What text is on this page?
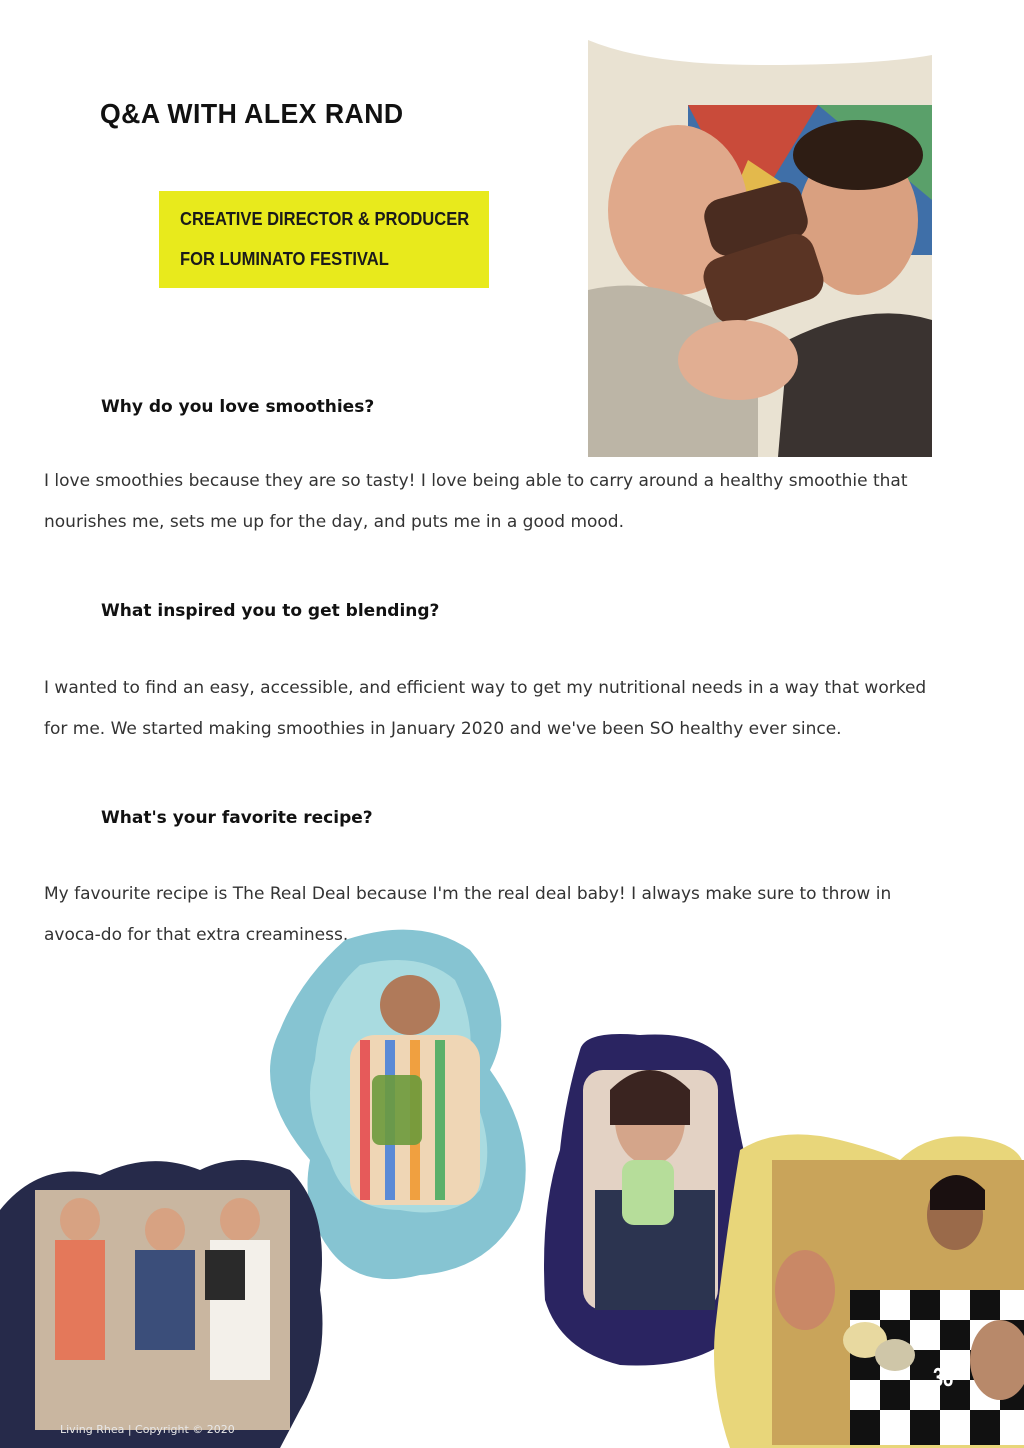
Q&A WITH ALEX RAND
CREATIVE DIRECTOR & PRODUCER
FOR LUMINATO FESTIVAL
Why do you love smoothies?
I love smoothies because they are so tasty! I love being able to carry around a healthy smoothie that nourishes me, sets me up for the day, and puts me in a good mood.
What inspired you to get blending?
I wanted to find an easy, accessible, and efficient way to get my nutritional needs in a way that worked for me. We started making smoothies in January 2020 and we've been SO healthy ever since.
What's your favorite recipe?
My favourite recipe is The Real Deal because I'm the real deal baby! I always make sure to throw in avoca-do for that extra creaminess.
Living Rhea | Copyright © 2020
38
